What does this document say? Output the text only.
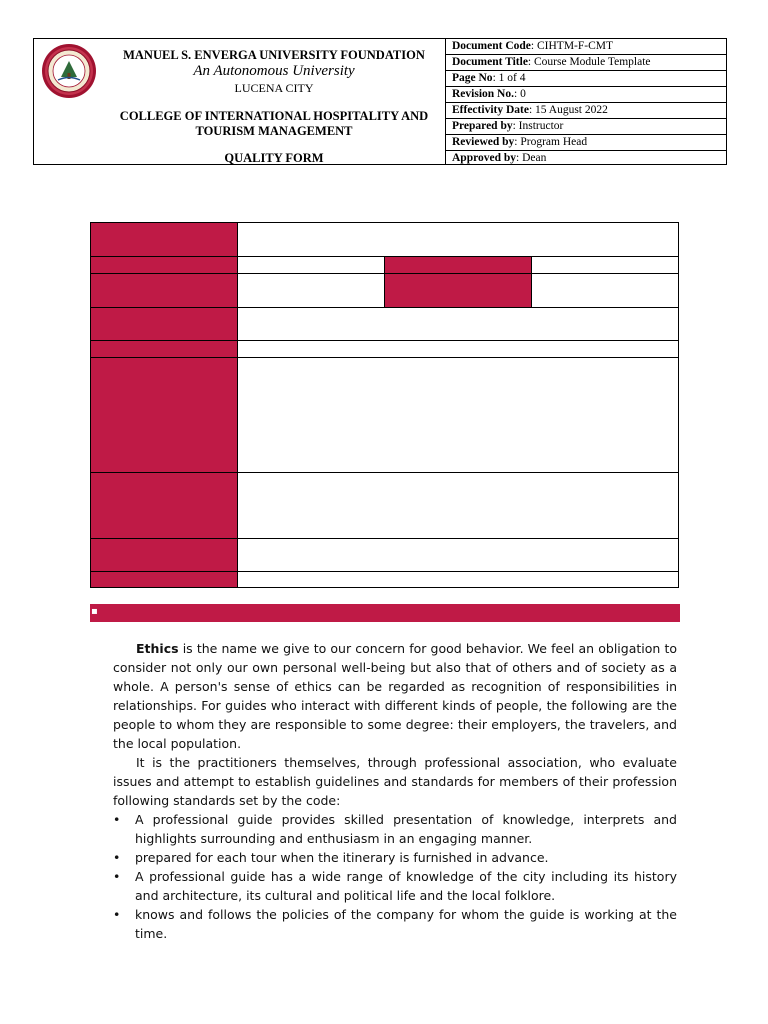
MANUEL S. ENVERGA UNIVERSITY FOUNDATION
An Autonomous University
LUCENA CITY
COLLEGE OF INTERNATIONAL HOSPITALITY AND TOURISM MANAGEMENT
QUALITY FORM
Document Code: CIHTM-F-CMT
Document Title: Course Module Template
Page No: 1 of 4
Revision No.: 0
Effectivity Date: 15 August 2022
Prepared by: Instructor
Reviewed by: Program Head
Approved by: Dean
▪

Ethics is the name we give to our concern for good behavior. We feel an obligation to consider not only our own personal well-being but also that of others and of society as a whole. A person's sense of ethics can be regarded as recognition of responsibilities in relationships. For guides who interact with different kinds of people, the following are the people to whom they are responsible to some degree: their employers, the travelers, and the local population.

It is the practitioners themselves, through professional association, who evaluate issues and attempt to establish guidelines and standards for members of their profession following standards set by the code:

• A professional guide provides skilled presentation of knowledge, interprets and highlights surrounding and enthusiasm in an engaging manner.
• prepared for each tour when the itinerary is furnished in advance.
• A professional guide has a wide range of knowledge of the city including its history and architecture, its cultural and political life and the local folklore.
• knows and follows the policies of the company for whom the guide is working at the time.
